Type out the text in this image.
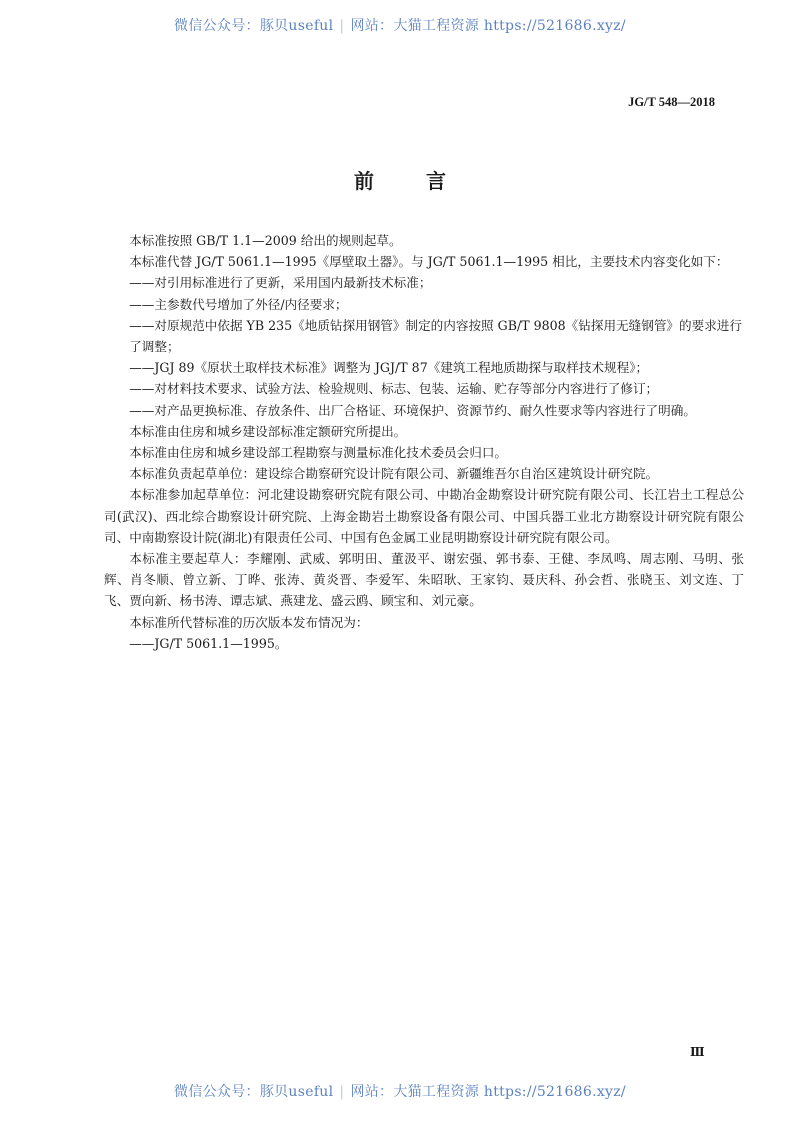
微信公众号：豚贝useful | 网站：大猫工程资源 https://521686.xyz/
JG/T 548—2018
前	言

本标准按照 GB/T 1.1—2009 给出的规则起草。

本标准代替 JG/T 5061.1—1995《厚壁取土器》。与 JG/T 5061.1—1995 相比，主要技术内容变化如下：

——对引用标准进行了更新，采用国内最新技术标准；

——主参数代号增加了外径/内径要求；

——对原规范中依据 YB 235《地质钻探用钢管》制定的内容按照 GB/T 9808《钻探用无缝钢管》的要求进行了调整；

——JGJ 89《原状土取样技术标准》调整为 JGJ/T 87《建筑工程地质勘探与取样技术规程》；

——对材料技术要求、试验方法、检验规则、标志、包装、运输、贮存等部分内容进行了修订；

——对产品更换标准、存放条件、出厂合格证、环境保护、资源节约、耐久性要求等内容进行了明确。

本标准由住房和城乡建设部标准定额研究所提出。

本标准由住房和城乡建设部工程勘察与测量标准化技术委员会归口。

本标准负责起草单位：建设综合勘察研究设计院有限公司、新疆维吾尔自治区建筑设计研究院。

本标准参加起草单位：河北建设勘察研究院有限公司、中勘冶金勘察设计研究院有限公司、长江岩土工程总公司(武汉)、西北综合勘察设计研究院、上海金勘岩土勘察设备有限公司、中国兵器工业北方勘察设计研究院有限公司、中南勘察设计院(湖北)有限责任公司、中国有色金属工业昆明勘察设计研究院有限公司。

本标准主要起草人：李耀刚、武威、郭明田、董汲平、谢宏强、郭书泰、王健、李凤鸣、周志刚、马明、张辉、肖冬顺、曾立新、丁晔、张涛、黄炎晋、李爱军、朱昭耿、王家钧、聂庆科、孙会哲、张晓玉、刘文连、丁飞、贾向新、杨书涛、谭志斌、燕建龙、盛云鸥、顾宝和、刘元豪。

本标准所代替标准的历次版本发布情况为：

——JG/T 5061.1—1995。

Ⅲ
微信公众号：豚贝useful | 网站：大猫工程资源 https://521686.xyz/
